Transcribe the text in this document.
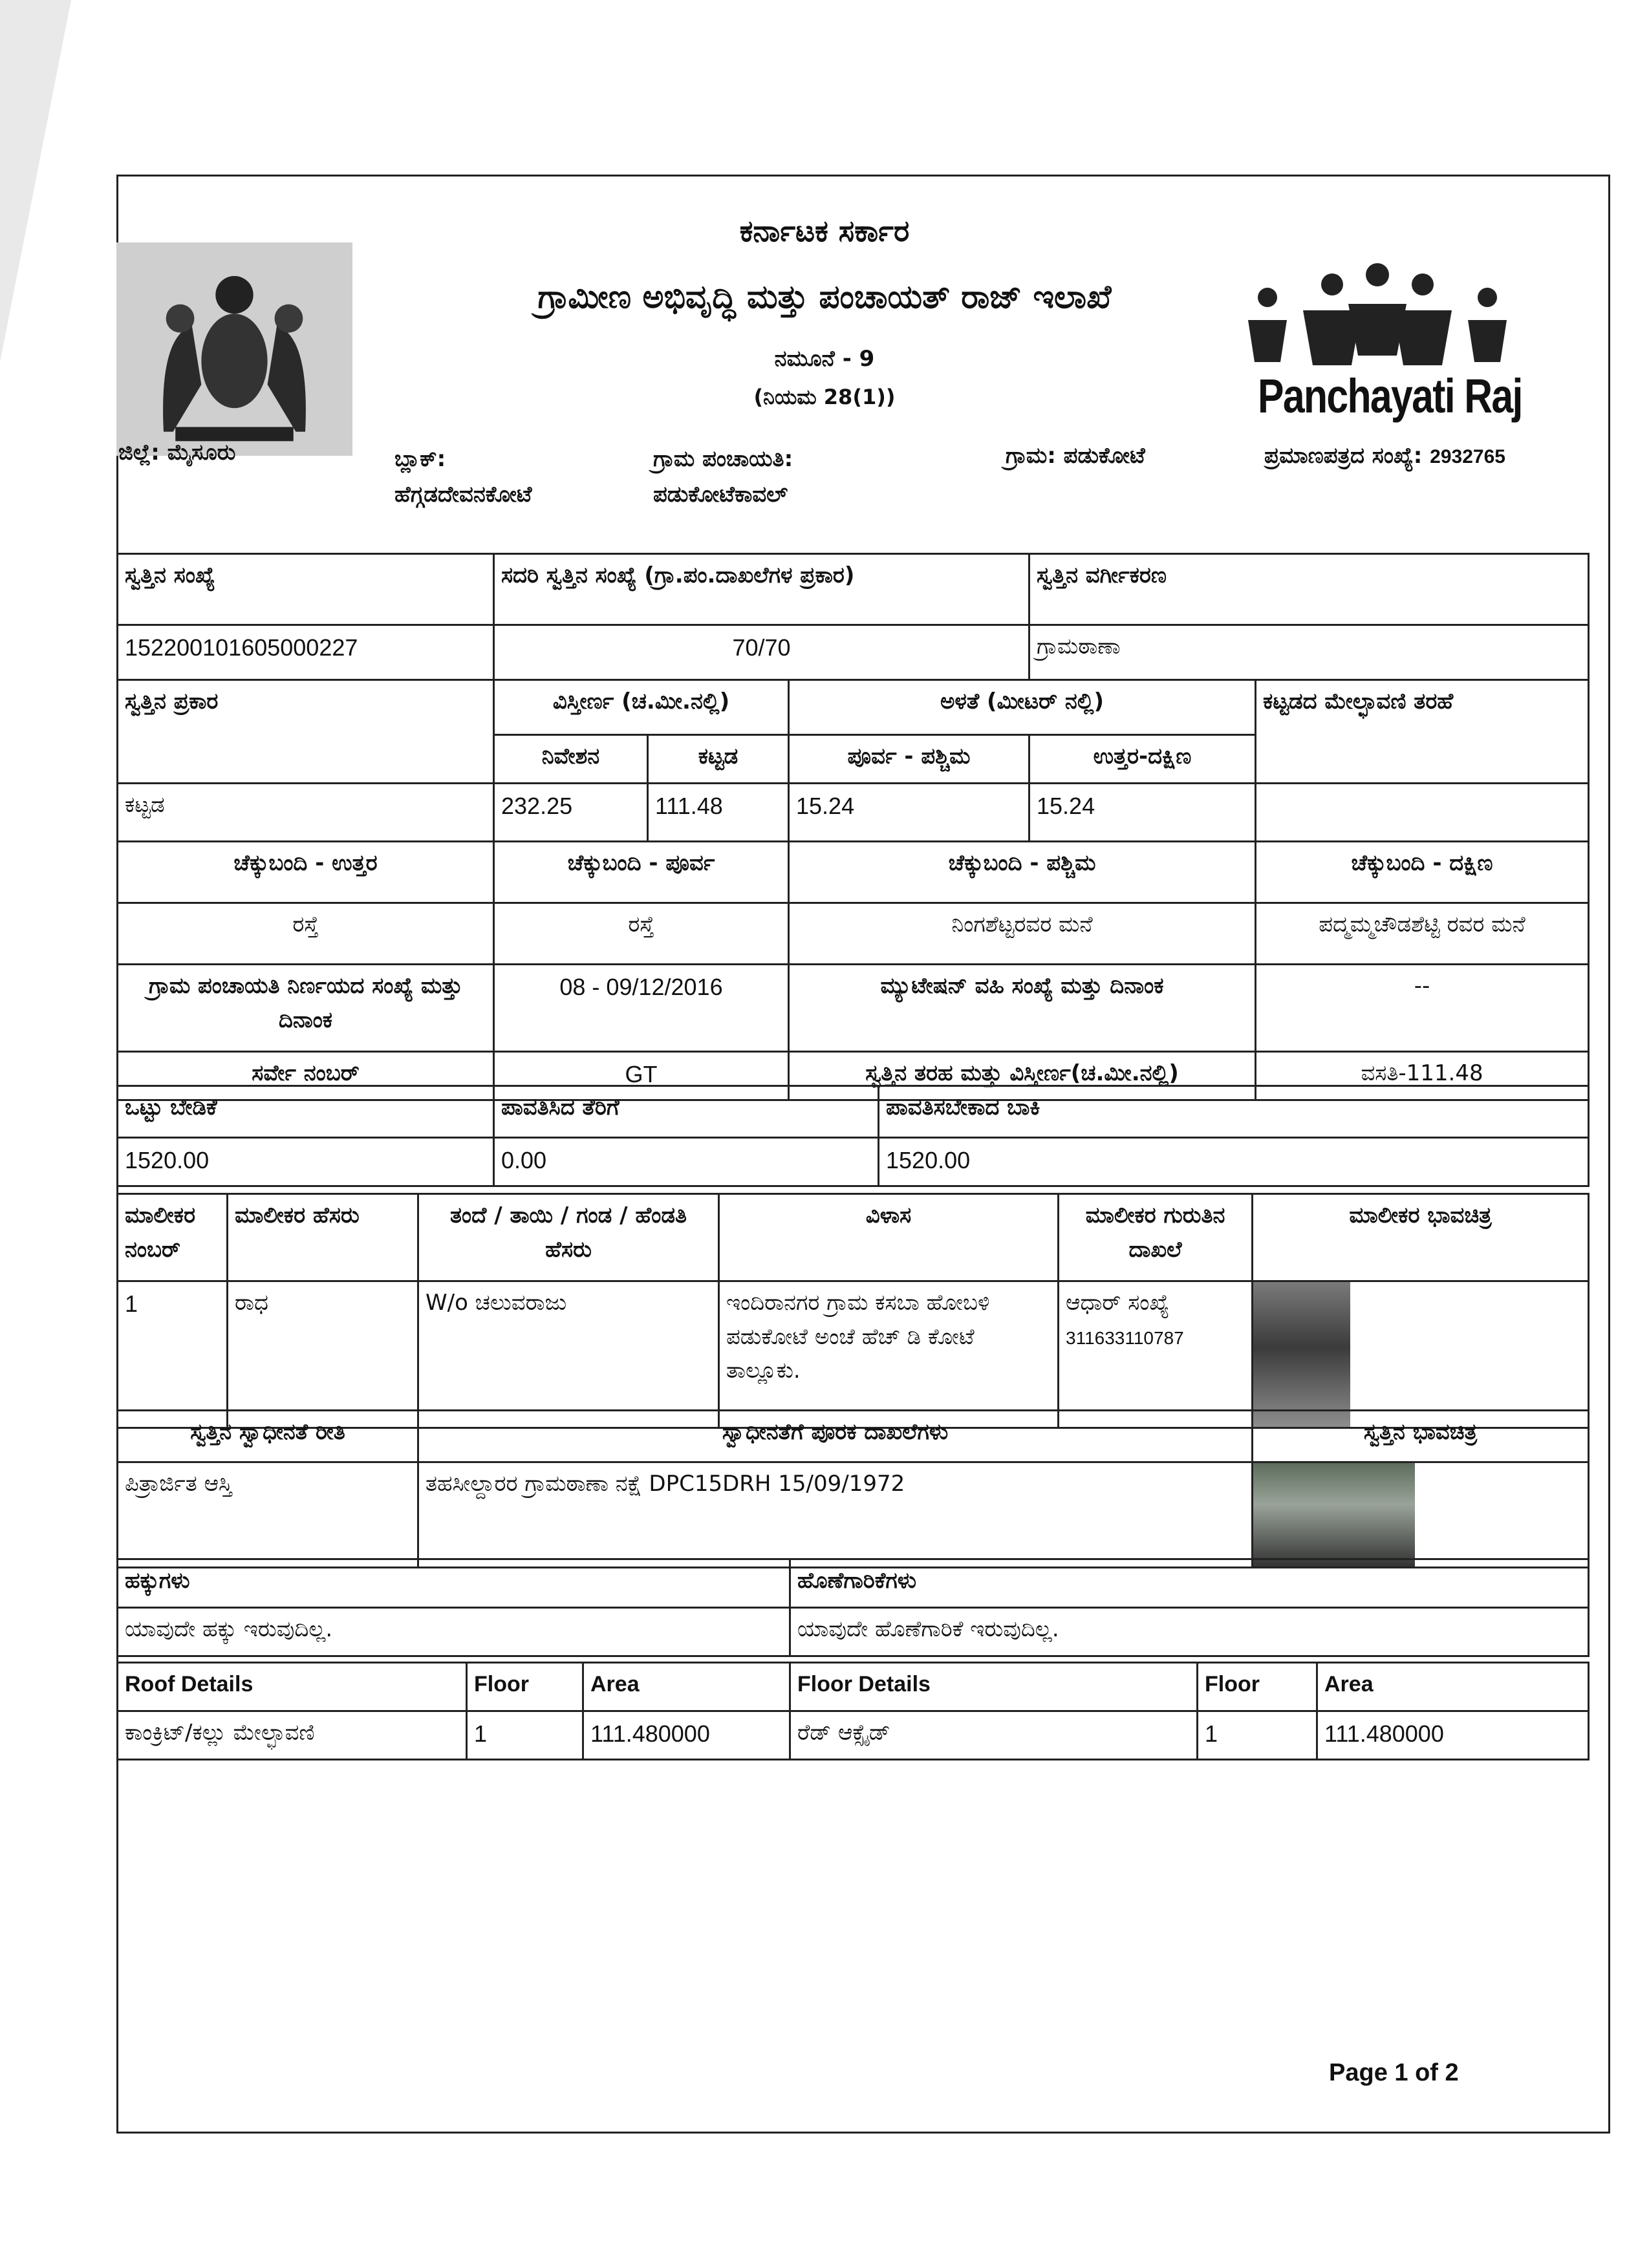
ಕರ್ನಾಟಕ ಸರ್ಕಾರ
ಗ್ರಾಮೀಣ ಅಭಿವೃದ್ಧಿ ಮತ್ತು ಪಂಚಾಯತ್ ರಾಜ್ ಇಲಾಖೆ
ನಮೂನೆ - 9
(ನಿಯಮ 28(1))	Panchayati Raj
ಜಿಲ್ಲೆ: ಮೈಸೂರು	ಬ್ಲಾಕ್:
ಹೆಗ್ಗಡದೇವನಕೋಟೆ
ಗ್ರಾಮ ಪಂಚಾಯತಿ:
ಪಡುಕೋಟೆಕಾವಲ್
ಗ್ರಾಮ: ಪಡುಕೋಟೆ	ಪ್ರಮಾಣಪತ್ರದ ಸಂಖ್ಯೆ: 2932765
ಸ್ವತ್ತಿನ ಸಂಖ್ಯೆ	ಸದರಿ ಸ್ವತ್ತಿನ ಸಂಖ್ಯೆ (ಗ್ರಾ.ಪಂ.ದಾಖಲೆಗಳ ಪ್ರಕಾರ)			ಸ್ವತ್ತಿನ ವರ್ಗೀಕರಣ	
152200101605000227	70/70			ಗ್ರಾಮಠಾಣಾ	
ಸ್ವತ್ತಿನ ಪ್ರಕಾರ	ವಿಸ್ತೀರ್ಣ (ಚ.ಮೀ.ನಲ್ಲಿ)		ಅಳತೆ (ಮೀಟರ್ ನಲ್ಲಿ)		ಕಟ್ಟಡದ ಮೇಲ್ಛಾವಣಿ ತರಹೆ
	ನಿವೇಶನ	ಕಟ್ಟಡ	ಪೂರ್ವ - ಪಶ್ಚಿಮ	ಉತ್ತರ-ದಕ್ಷಿಣ	
ಕಟ್ಟಡ	232.25	111.48	15.24	15.24	
ಚೆಕ್ಕುಬಂದಿ - ಉತ್ತರ	ಚೆಕ್ಕುಬಂದಿ - ಪೂರ್ವ		ಚೆಕ್ಕುಬಂದಿ - ಪಶ್ಚಿಮ		ಚೆಕ್ಕುಬಂದಿ - ದಕ್ಷಿಣ
ರಸ್ತೆ	ರಸ್ತೆ		ನಿಂಗಶೆಟ್ಟರವರ ಮನೆ		ಪದ್ಮಮ್ಮಚೌಡಶೆಟ್ಟಿ ರವರ ಮನೆ
ಗ್ರಾಮ ಪಂಚಾಯತಿ ನಿರ್ಣಯದ ಸಂಖ್ಯೆ ಮತ್ತು ದಿನಾಂಕ	08 - 09/12/2016		ಮ್ಯುಟೇಷನ್ ವಹಿ ಸಂಖ್ಯೆ ಮತ್ತು ದಿನಾಂಕ		--
ಸರ್ವೇ ನಂಬರ್	GT		ಸ್ವತ್ತಿನ ತರಹ ಮತ್ತು ವಿಸ್ತೀರ್ಣ(ಚ.ಮೀ.ನಲ್ಲಿ)		ವಸತಿ-111.48
ಒಟ್ಟು ಬೇಡಿಕೆ	ಪಾವತಿಸಿದ ತೆರಿಗೆ	ಪಾವತಿಸಬೇಕಾದ ಬಾಕಿ
1520.00	0.00	1520.00
ಮಾಲೀಕರ ನಂಬರ್	ಮಾಲೀಕರ ಹೆಸರು	ತಂದೆ / ತಾಯಿ / ಗಂಡ / ಹೆಂಡತಿ ಹೆಸರು	ವಿಳಾಸ	ಮಾಲೀಕರ ಗುರುತಿನ ದಾಖಲೆ	ಮಾಲೀಕರ ಭಾವಚಿತ್ರ
1	ರಾಧ	W/o ಚಲುವರಾಜು	ಇಂದಿರಾನಗರ ಗ್ರಾಮ ಕಸಬಾ ಹೋಬಳಿ ಪಡುಕೋಟೆ ಅಂಚೆ ಹೆಚ್ ಡಿ ಕೋಟೆ ತಾಲ್ಲೂಕು.	ಆಧಾರ್ ಸಂಖ್ಯೆ 311633110787	
ಸ್ವತ್ತಿನ ಸ್ವಾಧೀನತೆ ರೀತಿ	ಸ್ವಾಧೀನತೆಗೆ ಪೂರಕ ದಾಖಲೆಗಳು	ಸ್ವತ್ತಿನ ಭಾವಚಿತ್ರ
ಪಿತ್ರಾರ್ಜಿತ ಆಸ್ತಿ	ತಹಸೀಲ್ದಾರರ ಗ್ರಾಮಠಾಣಾ ನಕ್ಷೆ DPC15DRH 15/09/1972	
ಹಕ್ಕುಗಳು	ಹೊಣೆಗಾರಿಕೆಗಳು
ಯಾವುದೇ ಹಕ್ಕು ಇರುವುದಿಲ್ಲ.	ಯಾವುದೇ ಹೊಣೆಗಾರಿಕೆ ಇರುವುದಿಲ್ಲ.
Roof Details	Floor	Area	Floor Details	Floor	Area
ಕಾಂಕ್ರಿಟ್/ಕಲ್ಲು ಮೇಲ್ಛಾವಣಿ	1	111.480000	ರೆಡ್ ಆಕ್ಸೈಡ್	1	111.480000
Page 1 of 2
